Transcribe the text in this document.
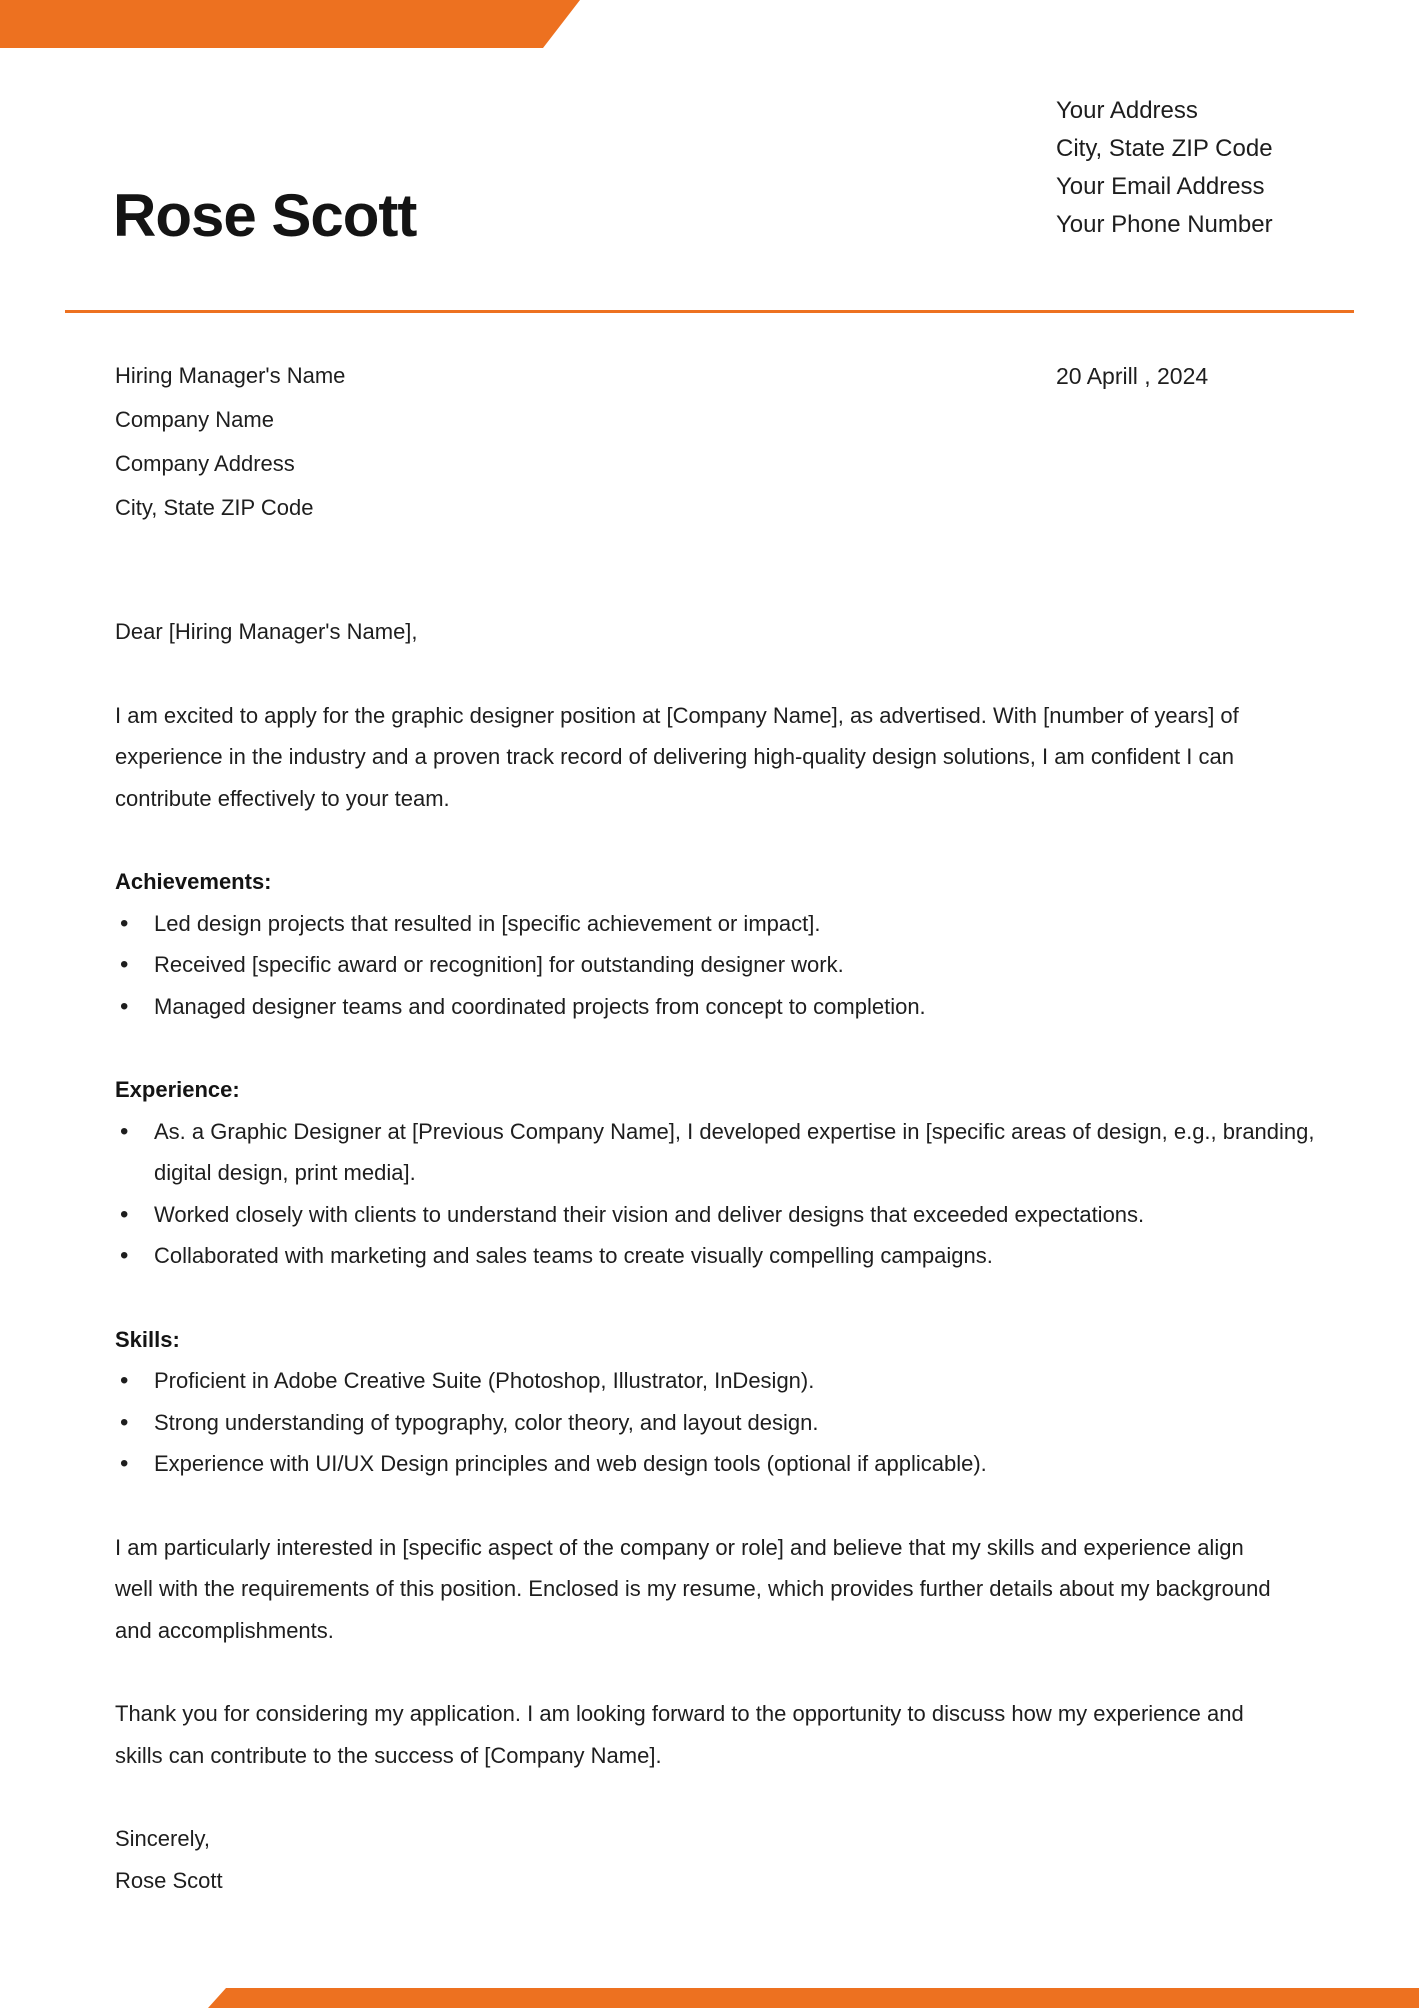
Rose Scott
Your Address
City, State ZIP Code
Your Email Address
Your Phone Number
Hiring Manager's Name
Company Name
Company Address
City, State ZIP Code
20 Aprill , 2024

Dear [Hiring Manager's Name],

I am excited to apply for the graphic designer position at [Company Name], as advertised. With [number of years] of experience in the industry and a proven track record of delivering high-quality design solutions, I am confident I can contribute effectively to your team.

Achievements:
• Led design projects that resulted in [specific achievement or impact].
• Received [specific award or recognition] for outstanding designer work.
• Managed designer teams and coordinated projects from concept to completion.
Experience:
• As. a Graphic Designer at [Previous Company Name], I developed expertise in [specific areas of design, e.g., branding, digital design, print media].
• Worked closely with clients to understand their vision and deliver designs that exceeded expectations.
• Collaborated with marketing and sales teams to create visually compelling campaigns.
Skills:
• Proficient in Adobe Creative Suite (Photoshop, Illustrator, InDesign).
• Strong understanding of typography, color theory, and layout design.
• Experience with UI/UX Design principles and web design tools (optional if applicable).

I am particularly interested in [specific aspect of the company or role] and believe that my skills and experience align well with the requirements of this position. Enclosed is my resume, which provides further details about my background and accomplishments.

Thank you for considering my application. I am looking forward to the opportunity to discuss how my experience and skills can contribute to the success of [Company Name].

Sincerely,
Rose Scott
